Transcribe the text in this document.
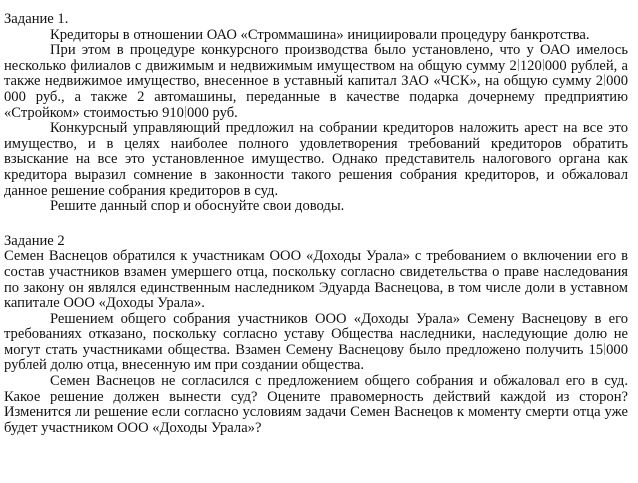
Задание 1.

Кредиторы в отношении ОАО «Строммашина» инициировали процедуру банкротства.

При этом в процедуре конкурсного производства было установлено, что у ОАО имелось несколько филиалов с движимым и недвижимым имуществом на общую сумму 2 120 000 рублей, а также недвижимое имущество, внесенное в уставный капитал ЗАО «ЧСК», на общую сумму 2 000 000 руб., а также 2 автомашины, переданные в качестве подарка дочернему предприятию «Стройком» стоимостью 910 000 руб.

Конкурсный управляющий предложил на собрании кредиторов наложить арест на все это имущество, и в целях наиболее полного удовлетворения требований кредиторов обратить взыскание на все это установленное имущество. Однако представитель налогового органа как кредитора выразил сомнение в законности такого решения собрания кредиторов, и обжаловал данное решение собрания кредиторов в суд.

Решите данный спор и обоснуйте свои доводы.

Задание 2

Семен Васнецов обратился к участникам ООО «Доходы Урала» с требованием о включении его в состав участников взамен умершего отца, поскольку согласно свидетельства о праве наследования по закону он являлся единственным наследником Эдуарда Васнецова, в том числе доли в уставном капитале ООО «Доходы Урала».

Решением общего собрания участников ООО «Доходы Урала» Семену Васнецову в его требованиях отказано, поскольку согласно уставу Общества наследники, наследующие долю не могут стать участниками общества. Взамен Семену Васнецову было предложено получить 15 000 рублей долю отца, внесенную им при создании общества.

Семен Васнецов не согласился с предложением общего собрания и обжаловал его в суд. Какое решение должен вынести суд? Оцените правомерность действий каждой из сторон? Изменится ли решение если согласно условиям задачи Семен Васнецов к моменту смерти отца уже будет участником ООО «Доходы Урала»?
